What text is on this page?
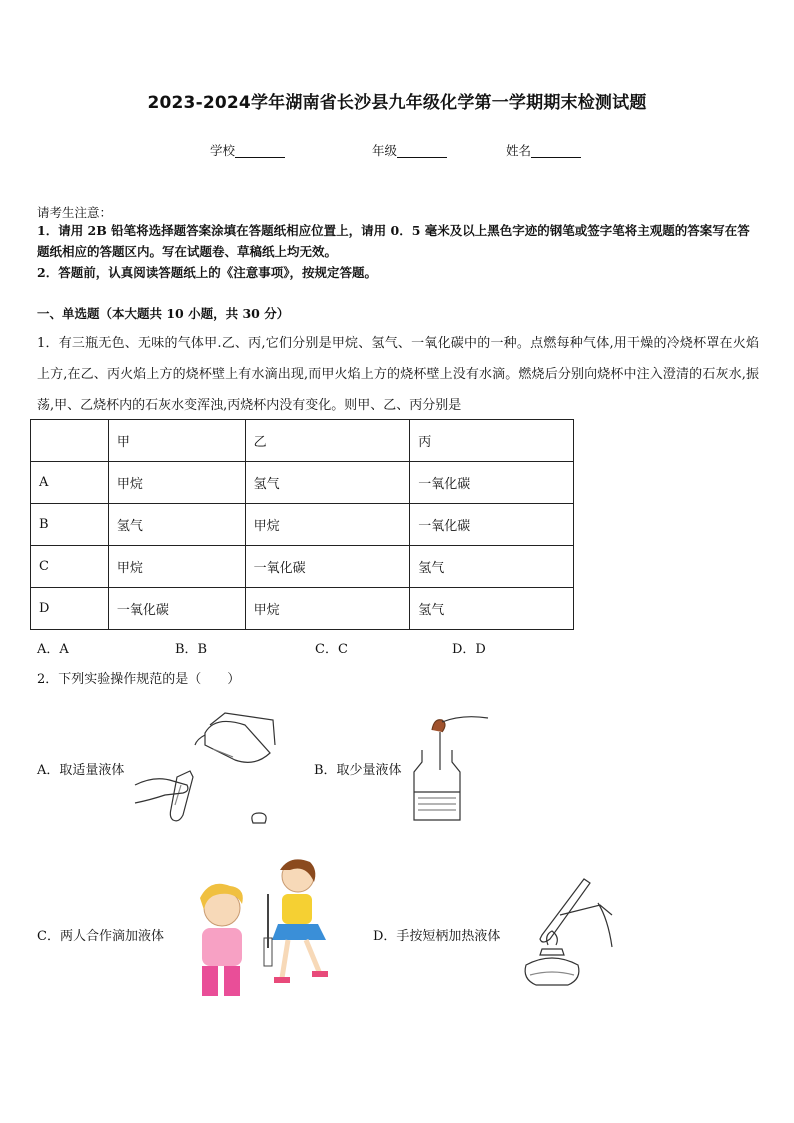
2023-2024学年湖南省长沙县九年级化学第一学期期末检测试题
学校	年级	姓名
请考生注意：
1．请用 2B 铅笔将选择题答案涂填在答题纸相应位置上，请用 0．5 毫米及以上黑色字迹的钢笔或签字笔将主观题的答案写在答题纸相应的答题区内。写在试题卷、草稿纸上均无效。
2．答题前，认真阅读答题纸上的《注意事项》，按规定答题。
一、单选题（本大题共 10 小题，共 30 分）
1．有三瓶无色、无味的气体甲.乙、丙,它们分别是甲烷、氢气、一氧化碳中的一种。点燃每种气体,用干燥的冷烧杯罩在火焰上方,在乙、丙火焰上方的烧杯壁上有水滴出现,而甲火焰上方的烧杯壁上没有水滴。燃烧后分别向烧杯中注入澄清的石灰水,振荡,甲、乙烧杯内的石灰水变浑浊,丙烧杯内没有变化。则甲、乙、丙分别是
	甲	乙	丙
A	甲烷	氢气	一氧化碳
B	氢气	甲烷	一氧化碳
C	甲烷	一氧化碳	氢气
D	一氧化碳	甲烷	氢气
A．A	B．B	C．C	D．D
2．下列实验操作规范的是（　　）
A．取适量液体	B．取少量液体
C．两人合作滴加液体	D．手按短柄加热液体
